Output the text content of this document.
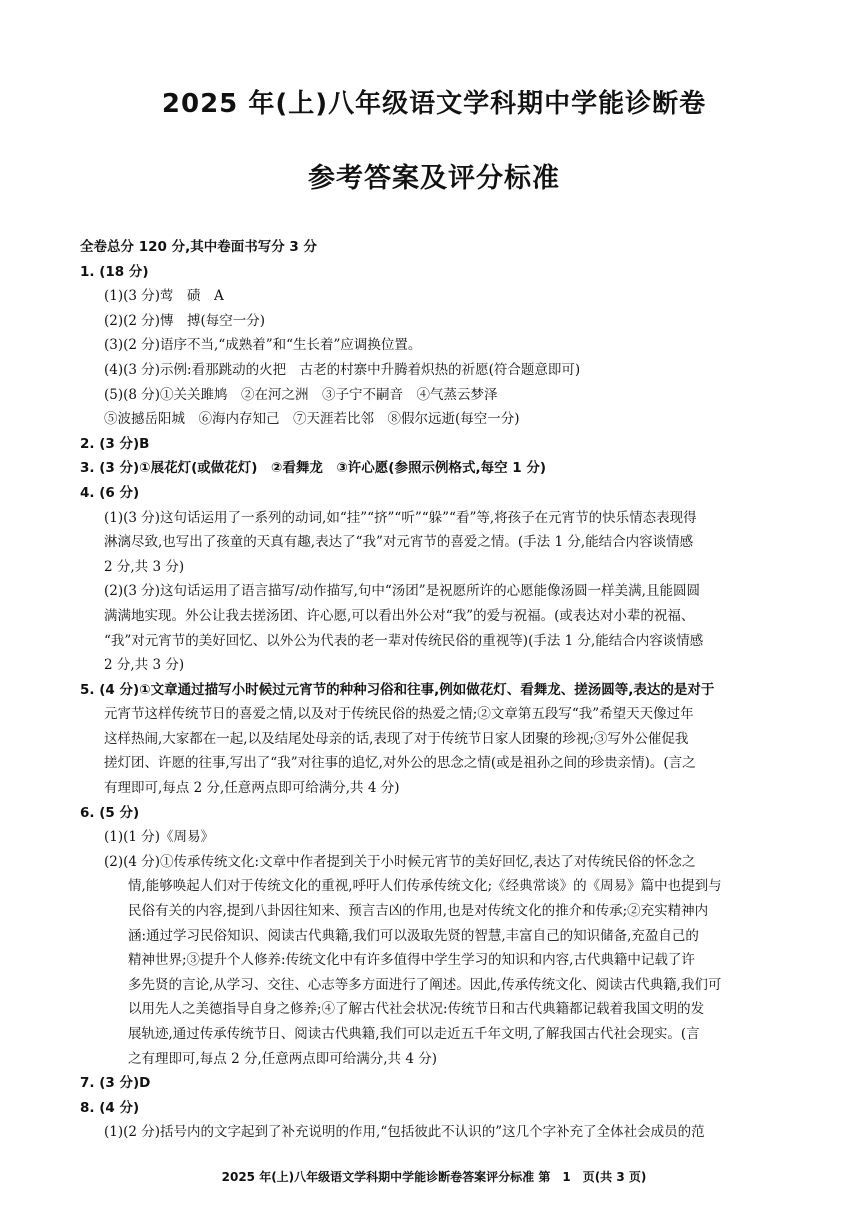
2025 年(上)八年级语文学科期中学能诊断卷
参考答案及评分标准
全卷总分 120 分,其中卷面书写分 3 分
1. (18 分)
(1)(3 分)莺　碛　A
(2)(2 分)慱　搏(每空一分)
(3)(2 分)语序不当,“成熟着”和“生长着”应调换位置。
(4)(3 分)示例:看那跳动的火把　古老的村寨中升腾着炽热的祈愿(符合题意即可)
(5)(8 分)①关关雎鸠　②在河之洲　③子宁不嗣音　④气蒸云梦泽
⑤波撼岳阳城　⑥海内存知己　⑦天涯若比邻　⑧假尔远逝(每空一分)
2. (3 分)B
3. (3 分)①展花灯(或做花灯)　②看舞龙　③许心愿(参照示例格式,每空 1 分)
4. (6 分)
(1)(3 分)这句话运用了一系列的动词,如“挂”“挤”“听”“躲”“看”等,将孩子在元宵节的快乐情态表现得
淋漓尽致,也写出了孩童的天真有趣,表达了“我”对元宵节的喜爱之情。(手法 1 分,能结合内容谈情感
2 分,共 3 分)
(2)(3 分)这句话运用了语言描写/动作描写,句中“汤团”是祝愿所许的心愿能像汤圆一样美满,且能圆圆
满满地实现。外公让我去搓汤团、许心愿,可以看出外公对“我”的爱与祝福。(或表达对小辈的祝福、
“我”对元宵节的美好回忆、以外公为代表的老一辈对传统民俗的重视等)(手法 1 分,能结合内容谈情感
2 分,共 3 分)
5. (4 分)①文章通过描写小时候过元宵节的种种习俗和往事,例如做花灯、看舞龙、搓汤圆等,表达的是对于
元宵节这样传统节日的喜爱之情,以及对于传统民俗的热爱之情;②文章第五段写“我”希望天天像过年
这样热闹,大家都在一起,以及结尾处母亲的话,表现了对于传统节日家人团聚的珍视;③写外公催促我
搓灯团、许愿的往事,写出了“我”对往事的追忆,对外公的思念之情(或是祖孙之间的珍贵亲情)。(言之
有理即可,每点 2 分,任意两点即可给满分,共 4 分)
6. (5 分)
(1)(1 分)《周易》
(2)(4 分)①传承传统文化:文章中作者提到关于小时候元宵节的美好回忆,表达了对传统民俗的怀念之
情,能够唤起人们对于传统文化的重视,呼吁人们传承传统文化;《经典常谈》的《周易》篇中也提到与
民俗有关的内容,提到八卦因往知来、预言吉凶的作用,也是对传统文化的推介和传承;②充实精神内
涵:通过学习民俗知识、阅读古代典籍,我们可以汲取先贤的智慧,丰富自己的知识储备,充盈自己的
精神世界;③提升个人修养:传统文化中有许多值得中学生学习的知识和内容,古代典籍中记载了许
多先贤的言论,从学习、交往、心志等多方面进行了阐述。因此,传承传统文化、阅读古代典籍,我们可
以用先人之美德指导自身之修养;④了解古代社会状况:传统节日和古代典籍都记载着我国文明的发
展轨迹,通过传承传统节日、阅读古代典籍,我们可以走近五千年文明,了解我国古代社会现实。(言
之有理即可,每点 2 分,任意两点即可给满分,共 4 分)
7. (3 分)D
8. (4 分)
(1)(2 分)括号内的文字起到了补充说明的作用,“包括彼此不认识的”这几个字补充了全体社会成员的范
2025 年(上)八年级语文学科期中学能诊断卷答案评分标准 第　1　页(共 3 页)
